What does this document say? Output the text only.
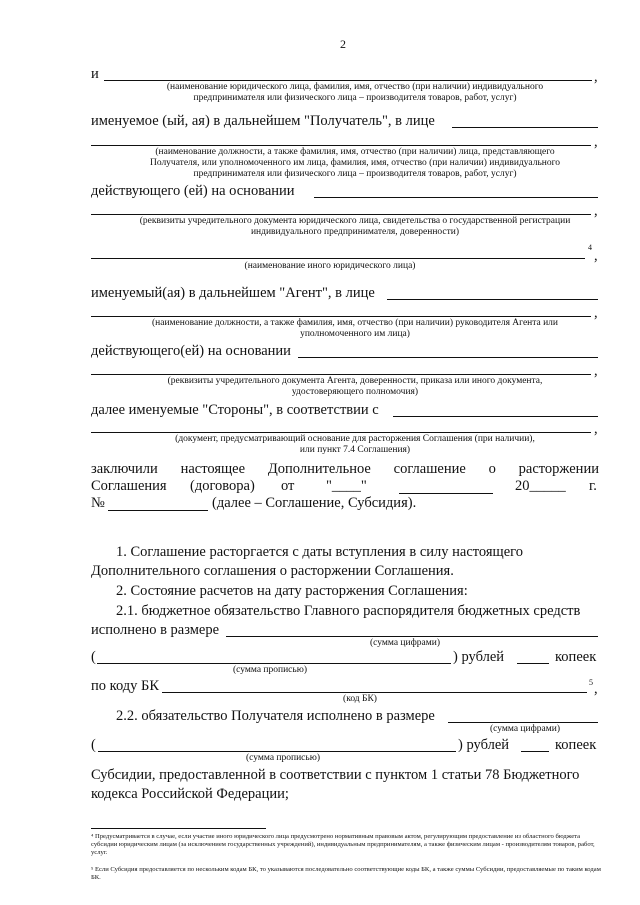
2
и	,
(наименование юридического лица, фамилия, имя, отчество (при наличии) индивидуального
предпринимателя или физического лица – производителя товаров, работ, услуг)
именуемое (ый, ая) в дальнейшем "Получатель", в лице
,
(наименование должности, а также фамилия, имя, отчество (при наличии) лица, представляющего
Получателя, или уполномоченного им лица, фамилия, имя, отчество (при наличии) индивидуального
предпринимателя или физического лица – производителя товаров, работ, услуг)
действующего (ей) на основании
,
(реквизиты учредительного документа юридического лица, свидетельства о государственной регистрации
индивидуального предпринимателя, доверенности)
4
,
(наименование иного юридического лица)
именуемый(ая) в дальнейшем "Агент", в лице
,
(наименование должности, а также фамилия, имя, отчество (при наличии) руководителя Агента или
уполномоченного им лица)
действующего(ей) на основании
,
(реквизиты учредительного документа Агента, доверенности, приказа или иного документа,
удостоверяющего полномочия)
далее именуемые "Стороны", в соответствии с
,
(документ, предусматривающий основание для расторжения Соглашения (при наличии),
или пункт 7.4 Соглашения)
заключили настоящее Дополнительное соглашение о расторжении
Соглашения (договора) от "____"	20_____ г.
№	(далее – Соглашение, Субсидия).
1. Соглашение расторгается с даты вступления в силу настоящего
Дополнительного соглашения о расторжении Соглашения.
2. Состояние расчетов на дату расторжения Соглашения:
2.1. бюджетное обязательство Главного распорядителя бюджетных средств
исполнено в размере
(сумма цифрами)
(	) рублей	копеек
(сумма прописью)
по коду БК	5 ,
(код БК)
2.2. обязательство Получателя исполнено в размере
(сумма цифрами)
(	) рублей	копеек
(сумма прописью)
Субсидии, предоставленной в соответствии с пунктом 1 статьи 78 Бюджетного
кодекса Российской Федерации;
⁴ Предусматривается в случае, если участие иного юридического лица предусмотрено нормативным правовым актом, регулирующим предоставление из областного бюджета субсидии юридическим лицам (за исключением государственных учреждений), индивидуальным предпринимателям, а также физическим лицам - производителям товаров, работ, услуг.
⁵ Если Субсидия предоставляется по нескольким кодам БК, то указываются последовательно соответствующие коды БК, а также суммы Субсидии, предоставляемые по таким кодам БК.
